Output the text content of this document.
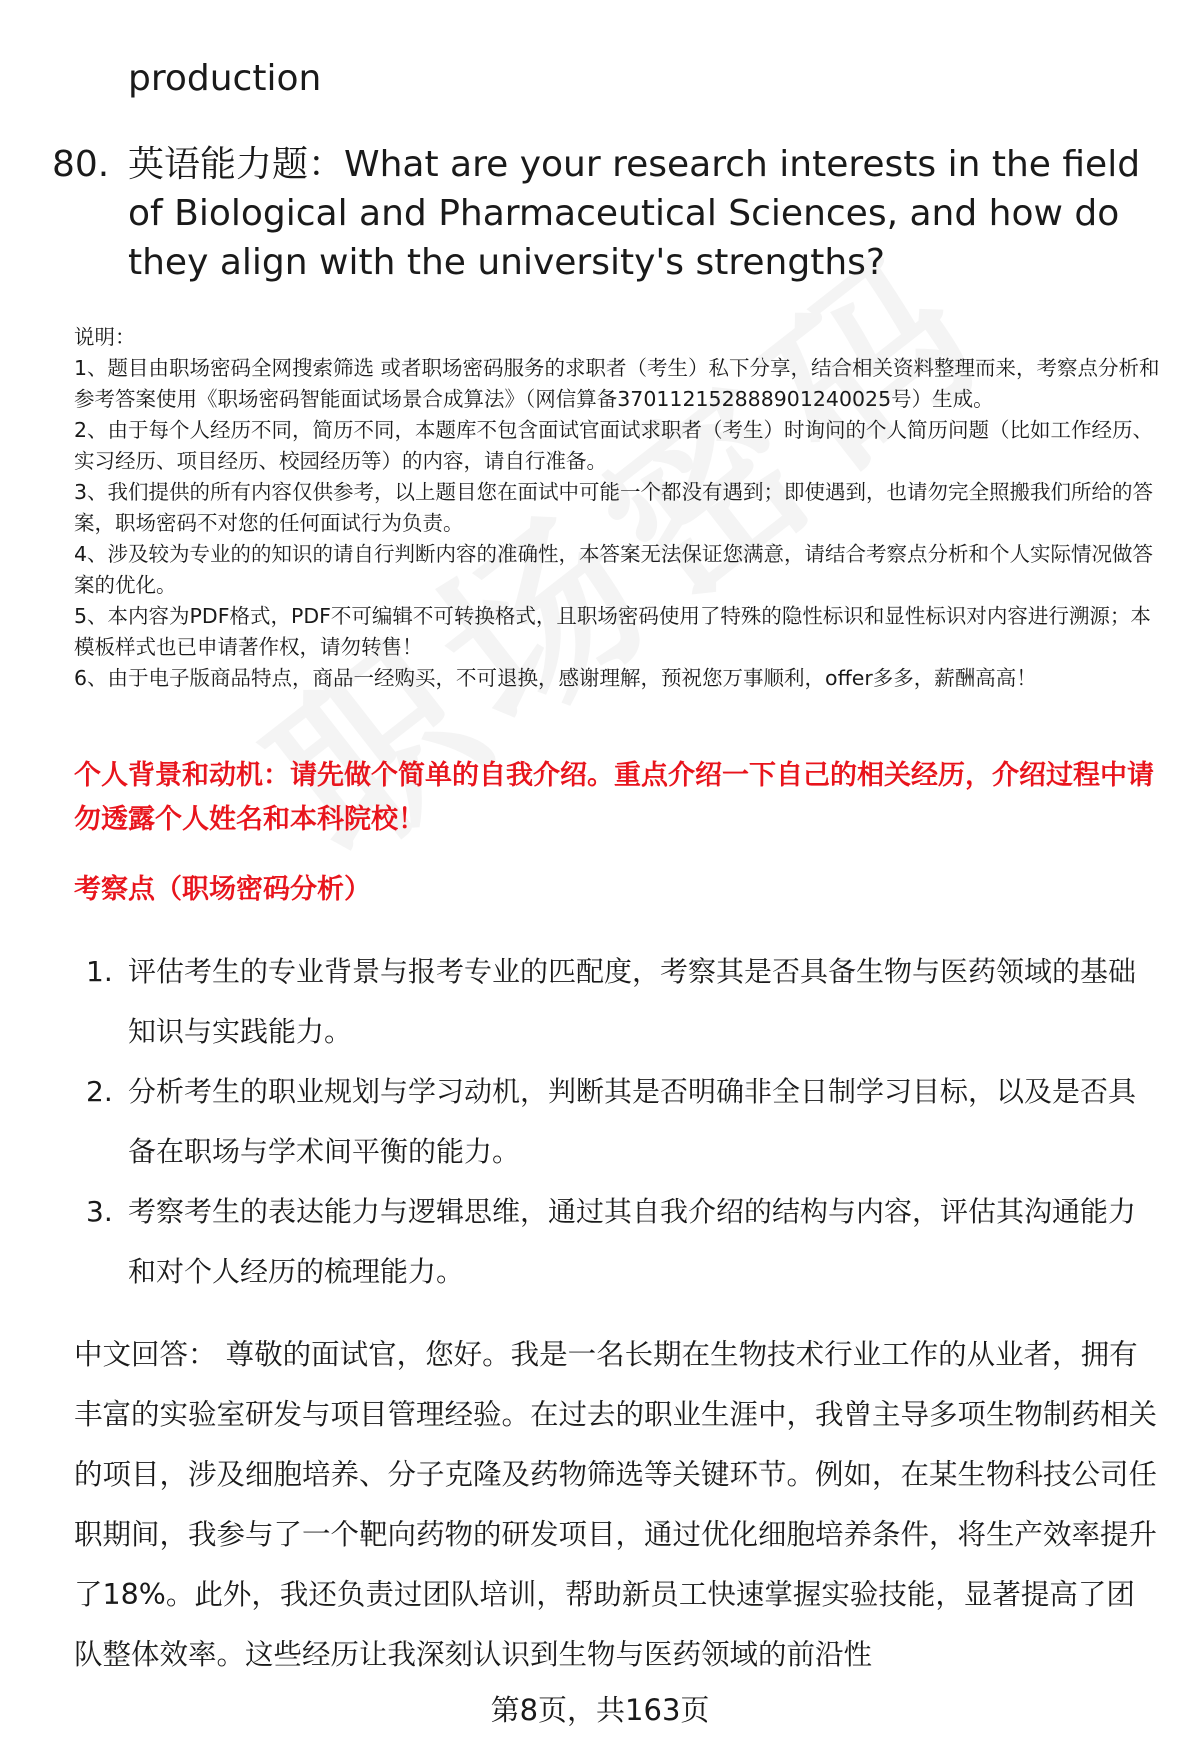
production
80. 英语能力题：What are your research interests in the field of Biological and Pharmaceutical Sciences, and how do they align with the university's strengths?

说明：

1、题目由职场密码全网搜索筛选 或者职场密码服务的求职者（考生）私下分享，结合相关资料整理而来，考察点分析和参考答案使用《职场密码智能面试场景合成算法》（网信算备370112152888901240025号）生成。

2、由于每个人经历不同，简历不同，本题库不包含面试官面试求职者（考生）时询问的个人简历问题（比如工作经历、实习经历、项目经历、校园经历等）的内容，请自行准备。

3、我们提供的所有内容仅供参考，以上题目您在面试中可能一个都没有遇到；即使遇到，也请勿完全照搬我们所给的答案，职场密码不对您的任何面试行为负责。

4、涉及较为专业的的知识的请自行判断内容的准确性，本答案无法保证您满意，请结合考察点分析和个人实际情况做答案的优化。

5、本内容为PDF格式，PDF不可编辑不可转换格式，且职场密码使用了特殊的隐性标识和显性标识对内容进行溯源；本模板样式也已申请著作权，请勿转售！

6、由于电子版商品特点，商品一经购买，不可退换，感谢理解，预祝您万事顺利，offer多多，薪酬高高！

个人背景和动机：请先做个简单的自我介绍。重点介绍一下自己的相关经历，介绍过程中请勿透露个人姓名和本科院校！
考察点（职场密码分析）
1. 评估考生的专业背景与报考专业的匹配度，考察其是否具备生物与医药领域的基础知识与实践能力。
2. 分析考生的职业规划与学习动机，判断其是否明确非全日制学习目标，以及是否具备在职场与学术间平衡的能力。
3. 考察考生的表达能力与逻辑思维，通过其自我介绍的结构与内容，评估其沟通能力和对个人经历的梳理能力。

中文回答： 尊敬的面试官，您好。我是一名长期在生物技术行业工作的从业者，拥有丰富的实验室研发与项目管理经验。在过去的职业生涯中，我曾主导多项生物制药相关的项目，涉及细胞培养、分子克隆及药物筛选等关键环节。例如，在某生物科技公司任职期间，我参与了一个靶向药物的研发项目，通过优化细胞培养条件，将生产效率提升了18%。此外，我还负责过团队培训，帮助新员工快速掌握实验技能，显著提高了团队整体效率。这些经历让我深刻认识到生物与医药领域的前沿性

第8页，共163页
